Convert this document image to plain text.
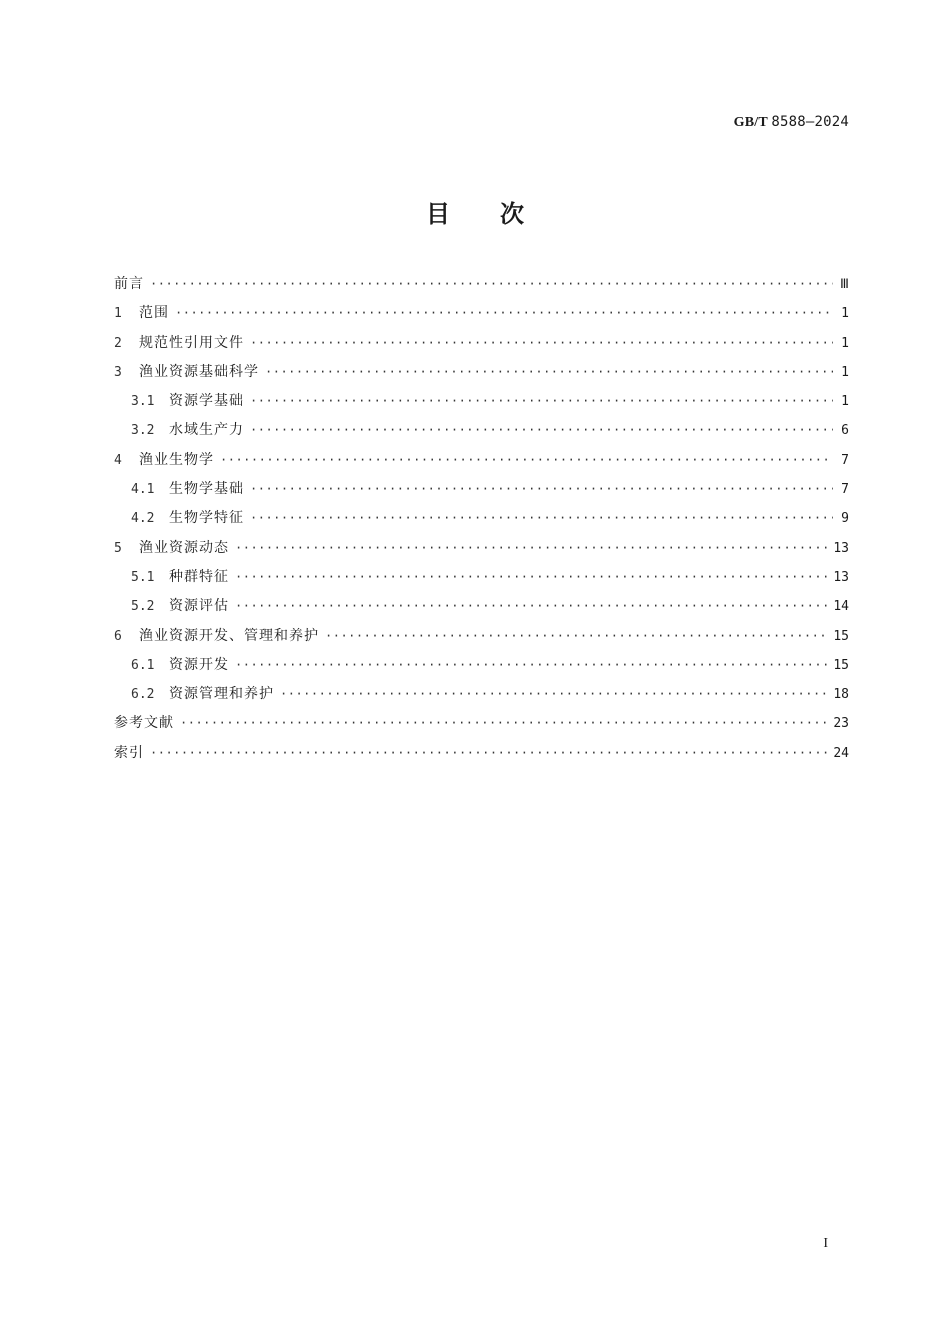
GB/T 8588—2024
目次
前言 ·····	Ⅲ
1	范围 ·····	1
2	规范性引用文件 ·····	1
3	渔业资源基础科学 ·····	1
3.1	资源学基础 ·····	1
3.2	水域生产力 ·····	6
4	渔业生物学 ·····	7
4.1	生物学基础 ·····	7
4.2	生物学特征 ·····	9
5	渔业资源动态 ·····	13
5.1	种群特征 ·····	13
5.2	资源评估 ·····	14
6	渔业资源开发、管理和养护 ·····	15
6.1	资源开发 ·····	15
6.2	资源管理和养护 ·····	18
参考文献 ·····	23
索引 ·····	24
I
